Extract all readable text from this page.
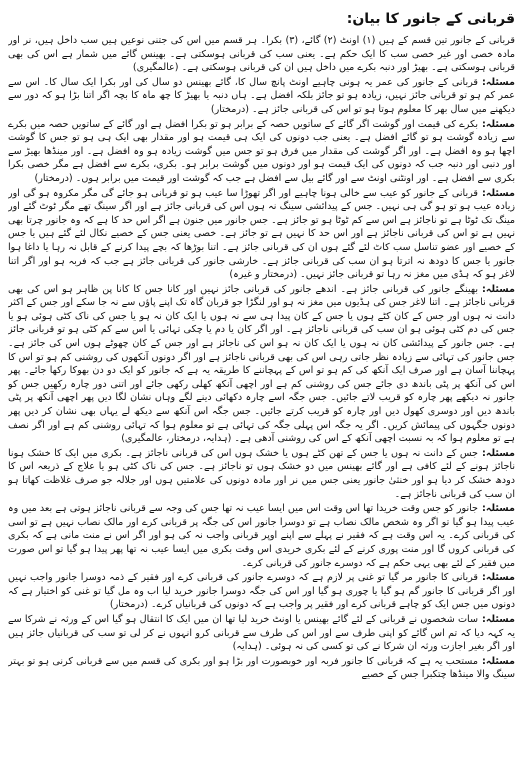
قربانی کے جانور کا بیان:

قربانی کے جانور تین قسم کے ہیں (۱) اونٹ (۲) گائے، (۳) بکرا۔ ہر قسم میں اس کی جتنی نوعیں ہیں سب داخل ہیں، نر اور مادہ خصی اور غیر خصی سب کا ایک حکم ہے۔ یعنی سب کی قربانی ہوسکتی ہے۔ بھینس گائے میں شمار ہے اس کی بھی قربانی ہوسکتی ہے۔ بھیڑ اور دنبہ بکرے میں داخل ہیں ان کی قربانی ہوسکتی ہے۔ (عالمگیری)

مسئلہ:قربانی کے جانور کی عمر یہ ہونی چاہیے اونٹ پانچ سال کا، گائے بھینس دو سال کی اور بکرا ایک سال کا۔ اس سے عمر کم ہو تو قربانی جائز نہیں، زیادہ ہو تو جائز بلکہ افضل ہے۔ ہاں دنبہ یا بھیڑ کا چھ ماہ کا بچہ اگر اتنا بڑا ہو کہ دور سے دیکھنے میں سال بھر کا معلوم ہوتا ہو تو اس کی قربانی جائز ہے۔ (درمختار)

مسئلہ:بکرے کی قیمت اور گوشت اگر گائے کے ساتویں حصہ کے برابر ہو تو بکرا افضل ہے اور گائے کے ساتویں حصہ میں بکرے سے زیادہ گوشت ہو تو گائے افضل ہے۔ یعنی جب دونوں کی ایک ہی قیمت ہو اور مقدار بھی ایک ہی ہو تو جس کا گوشت اچھا ہو وہ افضل ہے۔ اور اگر گوشت کی مقدار میں فرق ہو تو جس میں گوشت زیادہ ہو وہ افضل ہے۔ اور مینڈھا بھیڑ سے اور دنبی اور دنبہ جب کہ دونوں کی ایک قیمت ہو اور دونوں میں گوشت برابر ہو۔ بکری، بکرے سے افضل ہے مگر خصی بکرا بکری سے افضل ہے۔ اور اونٹنی اونٹ سے اور گائے بیل سے افضل ہے جب کہ گوشت اور قیمت میں برابر ہوں۔ (درمختار)

مسئلہ:قربانی کے جانور کو عیب سے خالی ہونا چاہیے اور اگر تھوڑا سا عیب ہو تو قربانی ہو جائے گی مگر مکروہ ہو گی اور زیادہ عیب ہو تو ہو گی ہی نہیں۔ جس کے پیدائشی سینگ نہ ہوں اس کی قربانی جائز ہے اور اگر سینگ تھے مگر ٹوٹ گئے اور مینگ تک ٹوٹا ہے تو ناجائز ہے اس سے کم ٹوٹا ہو تو جائز ہے۔ جس جانور میں جنون ہے اگر اس حد کا ہے کہ وہ جانور چرتا بھی نہیں ہے تو اس کی قربانی ناجائز ہے اور اس حد کا نہیں ہے تو جائز ہے۔ خصی یعنی جس کے خصیے نکال لئے گئے ہیں یا جس کے خصیے اور عضو تناسل سب کاٹ لئے گئے ہوں ان کی قربانی جائز ہے۔ اتنا بوڑھا کہ بچے پیدا کرنے کے قابل نہ رہا یا داغا ہوا جانور یا جس کا دودھ نہ اترتا ہو ان سب کی قربانی جائز ہے۔ خارشی جانور کی قربانی جائز ہے جب کہ فربہ ہو اور اگر اتنا لاغر ہو کہ ہڈی میں مغز نہ رہا تو قربانی جائز نہیں۔ (درمختار و غیرہ)

مسئلہ:بھینگے جانور کی قربانی جائز ہے۔ اندھے جانور کی قربانی جائز نہیں اور کانا جس کا کانا پن ظاہر ہو اس کی بھی قربانی ناجائز ہے۔ اتنا لاغر جس کی ہڈیوں میں مغز نہ ہو اور لنگڑا جو قربان گاہ تک اپنے پاؤں سے نہ جا سکے اور جس کے اکثر دانت نہ ہوں اور جس کے کان کٹے ہوں یا جس کے کان پیدا ہی سے نہ ہوں یا ایک کان نہ ہو یا جس کی ناک کٹی ہوئی ہو یا جس کی دم کٹی ہوئی ہو ان سب کی قربانی ناجائز ہے۔ اور اگر کان یا دم یا چکی تہائی یا اس سے کم کٹی ہو تو قربانی جائز ہے۔ جس جانور کے پیدائشی کان نہ ہوں یا ایک کان نہ ہو اس کی ناجائز ہے اور جس کے کان چھوٹے ہوں اس کی جائز ہے۔ جس جانور کی تہائی سے زیادہ نظر جاتی رہی اس کی بھی قربانی ناجائز ہے اور اگر دونوں آنکھوں کی روشنی کم ہو تو اس کا پہچاننا آسان ہے اور صرف ایک آنکھ کی کم ہو تو اس کے پہچاننے کا طریقہ یہ ہے کہ جانور کو ایک دو دن بھوکا رکھا جائے۔ پھر اس کی آنکھ پر پٹی باندھ دی جائے جس کی روشنی کم ہے اور اچھی آنکھ کھلی رکھی جائے اور اتنی دور چارہ رکھیں جس کو جانور نہ دیکھے پھر چارہ کو قریب لاتے جائیں۔ جس جگہ اسے چارہ دکھائی دینے لگے وہاں نشان لگا دیں پھر اچھی آنکھ پر پٹی باندھ دیں اور دوسری کھول دیں اور چارہ کو قریب کرتے جائیں۔ جس جگہ اس آنکھ سے دیکھ لے یہاں بھی نشان کر دیں پھر دونوں جگہوں کی پیمائش کریں۔ اگر یہ جگہ اس پہلی جگہ کی تہائی ہے تو معلوم ہوا کہ تہائی روشنی کم ہے اور اگر نصف ہے تو معلوم ہوا کہ بہ نسبت اچھی آنکھ کے اس کی روشنی آدھی ہے۔ (ہدایہ، درمختار، عالمگیری)

مسئلہ:جس کے دانت نہ ہوں یا جس کے تھن کٹے ہوں یا خشک ہوں اس کی قربانی ناجائز ہے۔ بکری میں ایک کا خشک ہونا ناجائز ہونے کے لئے کافی ہے اور گائے بھینس میں دو خشک ہوں تو ناجائز ہے۔ جس کی ناک کٹی ہو یا علاج کے ذریعہ اس کا دودھ خشک کر دیا ہو اور خنثیٰ جانور یعنی جس میں نر اور مادہ دونوں کی علامتیں ہوں اور جلالہ جو صرف غلاظت کھاتا ہو ان سب کی قربانی ناجائز ہے۔

مسئلہ:جانور کو جس وقت خریدا تھا اس وقت اس میں ایسا عیب نہ تھا جس کی وجہ سے قربانی ناجائز ہوتی ہے بعد میں وہ عیب پیدا ہو گیا تو اگر وہ شخص مالک نصاب ہے تو دوسرا جانور اس کی جگہ پر قربانی کرے اور مالک نصاب نہیں ہے تو اسی کی قربانی کرے۔ یہ اس وقت ہے کہ فقیر نے پہلے سے اپنے اوپر قربانی واجب نہ کی ہو اور اگر اس نے منت مانی ہے کہ بکری کی قربانی کروں گا اور منت پوری کرنے کے لئے بکری خریدی اس وقت بکری میں ایسا عیب نہ تھا پھر پیدا ہو گیا تو اس صورت میں فقیر کے لئے بھی یہی حکم ہے کہ دوسرے جانور کی قربانی کرے۔

مسئلہ:قربانی کا جانور مر گیا تو غنی پر لازم ہے کہ دوسرے جانور کی قربانی کرے اور فقیر کے ذمہ دوسرا جانور واجب نہیں اور اگر قربانی کا جانور گم ہو گیا یا چوری ہو گیا اور اس کی جگہ دوسرا جانور خرید لیا اب وہ مل گیا تو غنی کو اختیار ہے کہ دونوں میں جس ایک کو چاہے قربانی کرے اور فقیر پر واجب ہے کہ دونوں کی قربانیاں کرے۔ (درمختار)

مسئلہ:سات شخصوں نے قربانی کے لئے گائے بھینس یا اونٹ خرید لیا تھا ان میں ایک کا انتقال ہو گیا اس کے ورثہ نے شرکا سے یہ کہہ دیا کہ تم اس گائے کو اپنی طرف سے اور اس کی طرف سے قربانی کرو انہوں نے کر لی تو سب کی قربانیاں جائز ہیں اور اگر بغیر اجازت ورثہ ان شرکا نے کی تو کسی کی نہ ہوئی۔ (ہدایہ)

مسئلہ:مستحب یہ ہے کہ قربانی کا جانور فربہ اور خوبصورت اور بڑا ہو اور بکری کی قسم میں سے قربانی کرنی ہو تو بہتر سینگ والا مینڈھا چتکبرا جس کے خصیے
